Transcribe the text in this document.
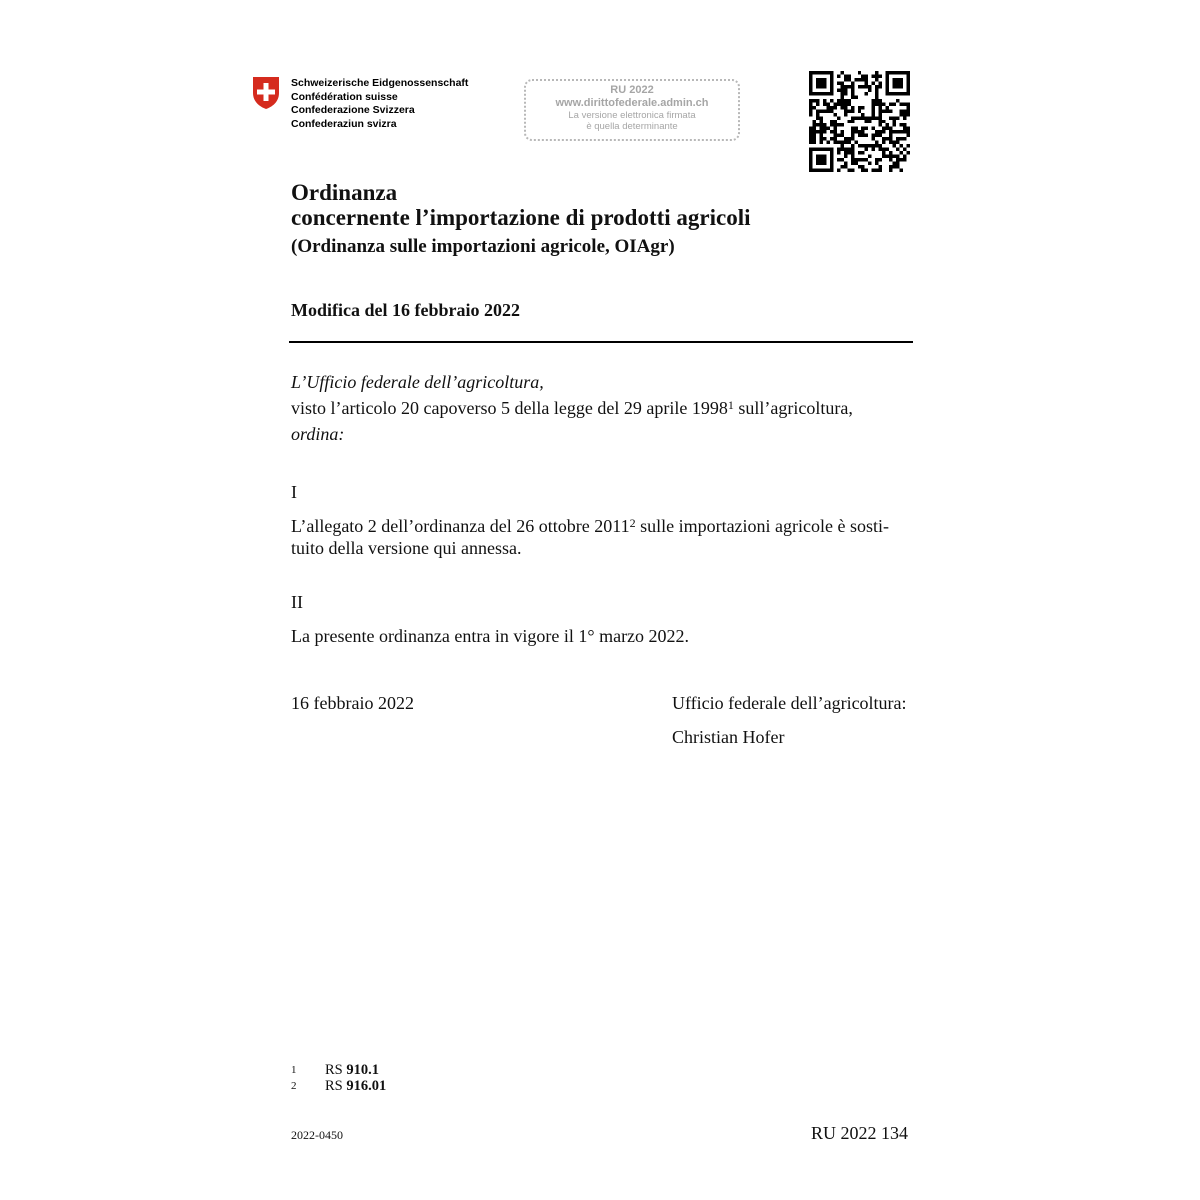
Schweizerische Eidgenossenschaft
Confédération suisse
Confederazione Svizzera
Confederaziun svizra
RU 2022
www.dirittofederale.admin.ch
La versione elettronica firmata
è quella determinante
Ordinanza
concernente l’importazione di prodotti agricoli
(Ordinanza sulle importazioni agricole, OIAgr)
Modifica del 16 febbraio 2022
L’Ufficio federale dell’agricoltura,
visto l’articolo 20 capoverso 5 della legge del 29 aprile 1998$^1$ sull’agricoltura,
ordina:
I
L’allegato 2 dell’ordinanza del 26 ottobre 2011$^2$ sulle importazioni agricole è sosti-
tuito della versione qui annessa.
II
La presente ordinanza entra in vigore il 1° marzo 2022.
16 febbraio 2022	Ufficio federale dell’agricoltura:
Christian Hofer
1	RS 910.1
2	RS 916.01
2022-0450	RU 2022 134
